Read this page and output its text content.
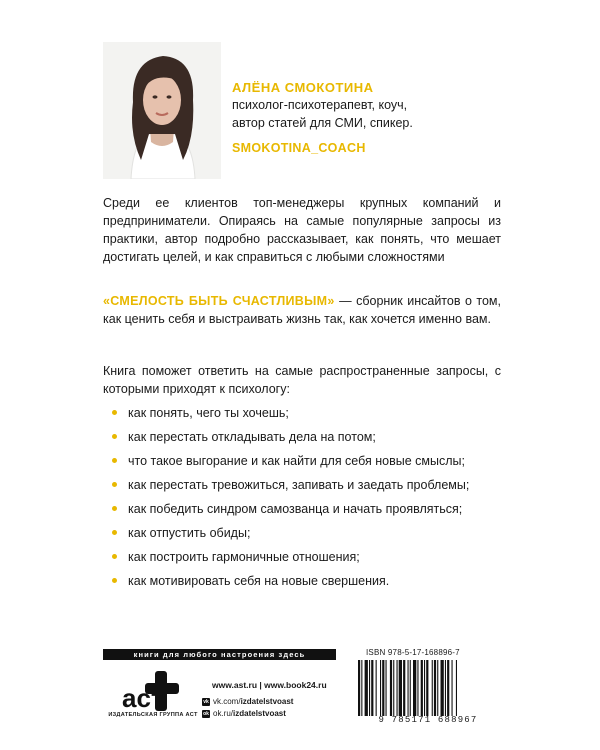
АЛЁНА СМОКОТИНА
психолог-психотерапевт, коуч,
автор статей для СМИ, спикер.
SMOKOTINA_COACH

Среди ее клиентов топ-менеджеры крупных компаний и предприниматели. Опираясь на самые популярные запросы из практики, автор подробно рассказывает, как понять, что мешает достигать целей, и как справиться с любыми сложностями

«СМЕЛОСТЬ БЫТЬ СЧАСТЛИВЫМ» — сборник инсайтов о том, как ценить себя и выстраивать жизнь так, как хочется именно вам.

Книга поможет ответить на самые распространенные запросы, с которыми приходят к психологу:

как понять, чего ты хочешь;
как перестать откладывать дела на потом;
что такое выгорание и как найти для себя новые смыслы;
как перестать тревожиться, запивать и заедать проблемы;
как победить синдром самозванца и начать проявляться;
как отпустить обиды;
как построить гармоничные отношения;
как мотивировать себя на новые свершения.
книги для любого настроения здесь
аст
ИЗДАТЕЛЬСКАЯ ГРУППА АСТ
www.ast.ru | www.book24.ru
vk vk.com/ izdatelstvoast
ok ok.ru/ izdatelstvoast
ISBN 978-5-17-168896-7
9 785171 688967
